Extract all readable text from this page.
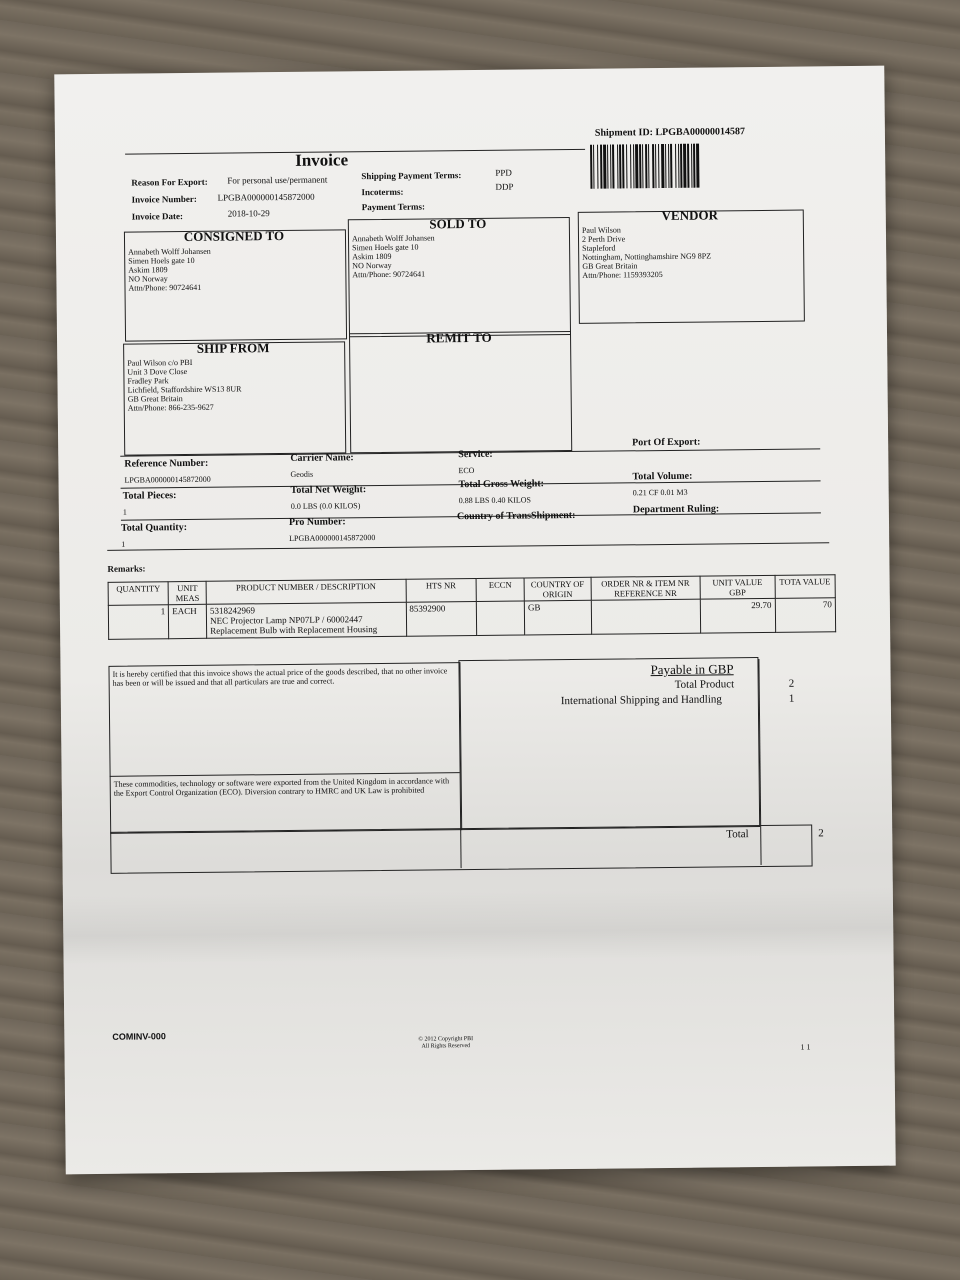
Shipment ID: LPGBA00000014587
Invoice
Reason For Export: For personal use/permanent
Invoice Number: LPGBA000000145872000
Invoice Date:	2018-10-29
Shipping Payment Terms:	PPD
Incoterms:
DDP
Payment Terms:
CONSIGNED TO
Annabeth Wolff Johansen
Simen Hoels gate 10
Askim 1809
NO Norway
Attn/Phone: 90724641
SOLD TO
Annabeth Wolff Johansen
Simen Hoels gate 10
Askim 1809
NO Norway
Attn/Phone: 90724641
VENDOR
Paul Wilson
2 Perth Drive
Stapleford
Nottingham, Nottinghamshire NG9 8PZ
GB Great Britain
Attn/Phone: 1159393205
SHIP FROM
Paul Wilson c/o PBI
Unit 3 Dove Close
Fradley Park
Lichfield, Staffordshire WS13 8UR
GB Great Britain
Attn/Phone: 866-235-9627
REMIT TO
Reference Number:
LPGBA000000145872000
Carrier Name:
Geodis
Service:
ECO
Port Of Export:
Total Pieces:
1
Total Net Weight:
0.0 LBS (0.0 KILOS)
Total Gross Weight:
0.88 LBS 0.40 KILOS
Total Volume:
0.21 CF 0.01 M3
Total Quantity:
1
Pro Number:
LPGBA000000145872000
Country of TransShipment:
Department Ruling:
Remarks:
QUANTITY	UNIT MEAS	PRODUCT NUMBER / DESCRIPTION	HTS NR	ECCN	COUNTRY OF ORIGIN	ORDER NR & ITEM NR REFERENCE NR	UNIT VALUE GBP	TOTA VALUE
1	EACH	5318242969
NEC Projector Lamp NP07LP / 60002447
Replacement Bulb with Replacement Housing	85392900		GB		29.70	70
It is hereby certified that this invoice shows the actual price of the goods described, that no other invoice has been or will be issued and that all particulars are true and correct.
These commodities, technology or software were exported from the United Kingdom in accordance with the Export Control Organization (ECO). Diversion contrary to HMRC and UK Law is prohibited
Payable in GBP
Total Product	2
International Shipping and Handling	1
Total	2
COMINV-000	© 2012 Copyright PBI
All Rights Reserved	1 1
